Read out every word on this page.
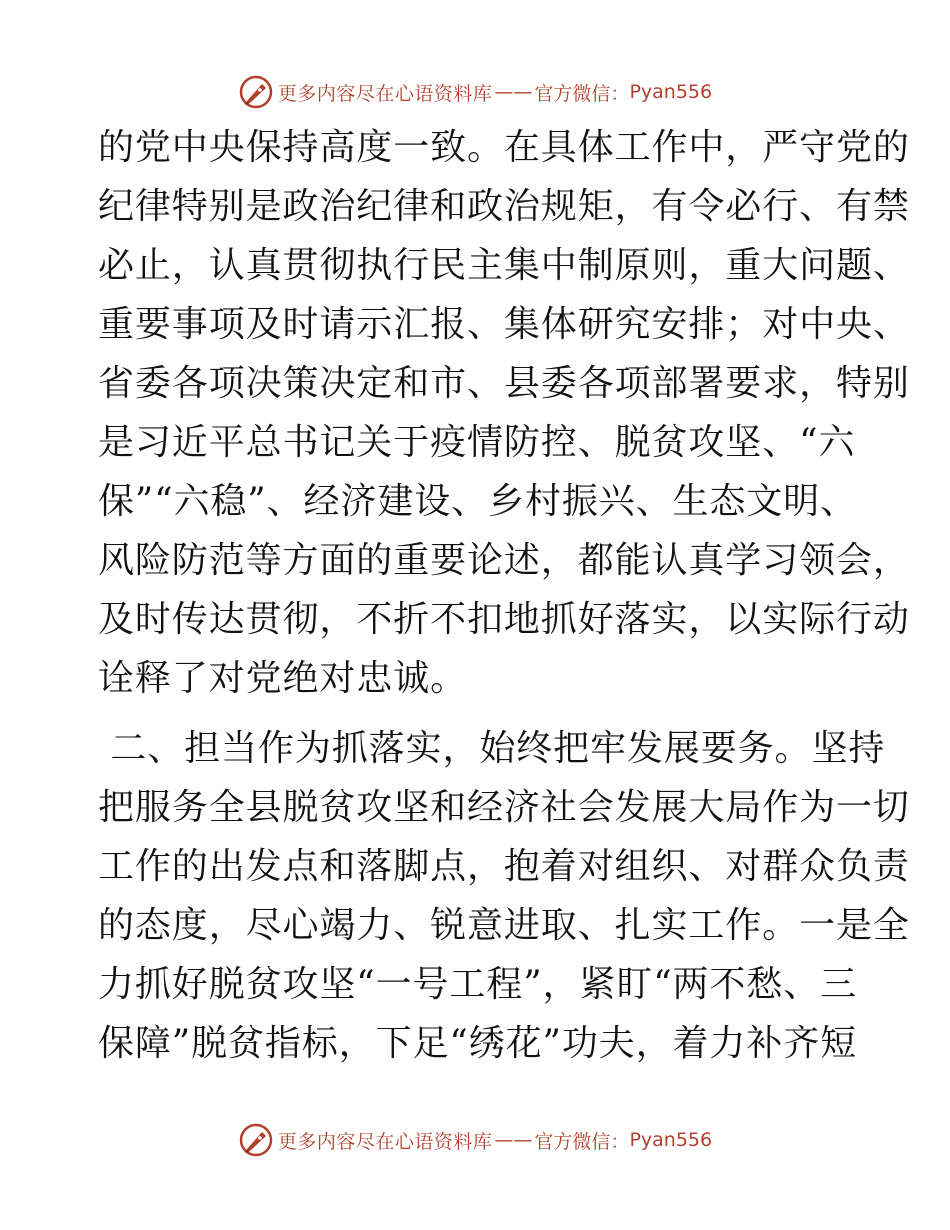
更多内容尽在心语资料库 —— 官方微信： Pyan556
的党中央保持高度一致。在具体工作中，严守党的
纪律特别是政治纪律和政治规矩，有令必行、有禁
必止，认真贯彻执行民主集中制原则，重大问题、
重要事项及时请示汇报、集体研究安排；对中央、
省委各项决策决定和市、县委各项部署要求，特别
是习近平总书记关于疫情防控、脱贫攻坚、“六
保”“六稳”、经济建设、乡村振兴、生态文明、
风险防范等方面的重要论述，都能认真学习领会，
及时传达贯彻，不折不扣地抓好落实，以实际行动
诠释了对党绝对忠诚。
二、担当作为抓落实，始终把牢发展要务。坚持
把服务全县脱贫攻坚和经济社会发展大局作为一切
工作的出发点和落脚点，抱着对组织、对群众负责
的态度，尽心竭力、锐意进取、扎实工作。一是全
力抓好脱贫攻坚“一号工程”，紧盯“两不愁、三
保障”脱贫指标，下足“绣花”功夫，着力补齐短
更多内容尽在心语资料库 —— 官方微信： Pyan556
